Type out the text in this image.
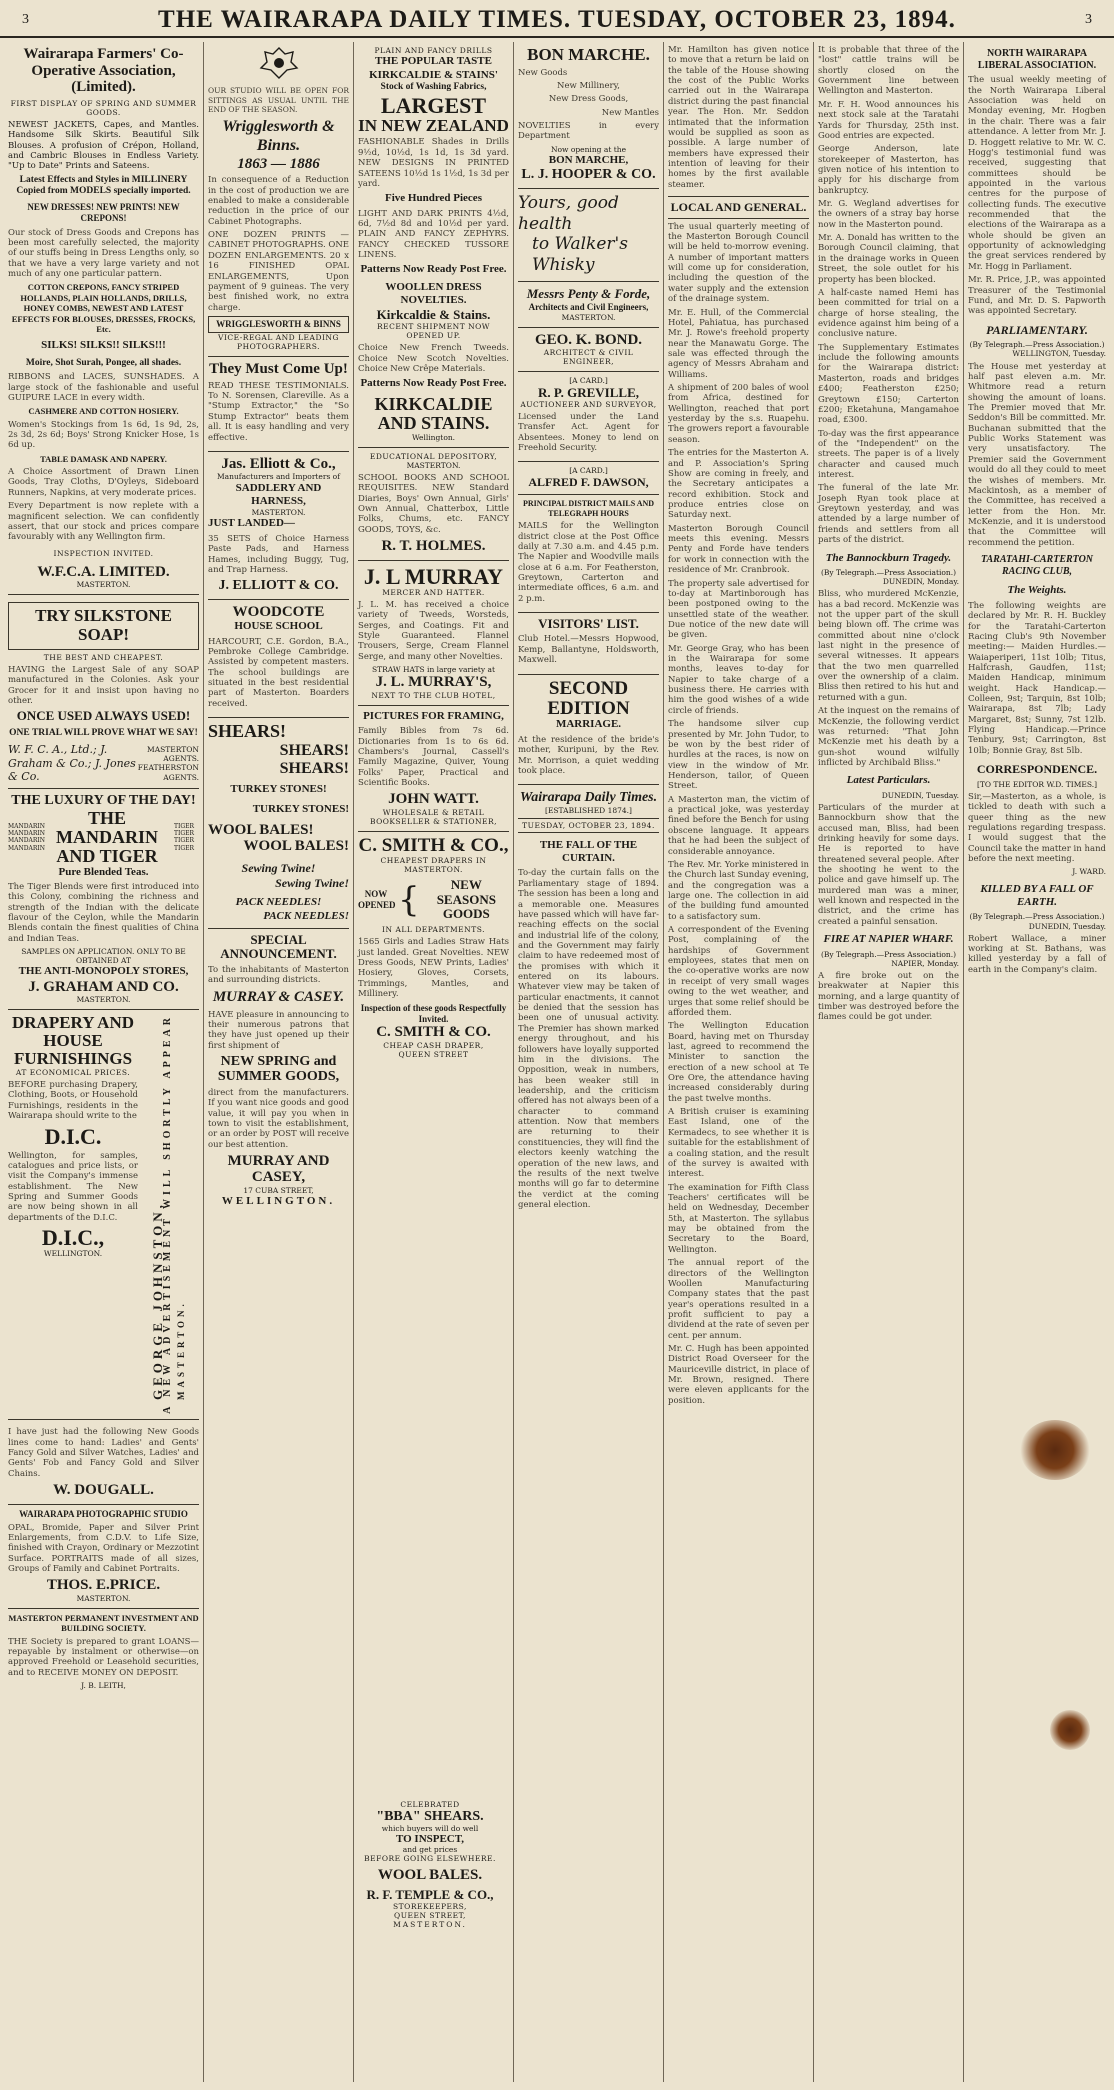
3	THE WAIRARAPA DAILY TIMES. TUESDAY, OCTOBER 23, 1894.	3
Wairarapa Farmers' Co-Operative Association, (Limited).
FIRST DISPLAY OF SPRING AND SUMMER GOODS.
NEWEST JACKETS, Capes, and Mantles. Handsome Silk Skirts. Beautiful Silk Blouses. A profusion of Crépon, Holland, and Cambric Blouses in Endless Variety. "Up to Date" Prints and Sateens.
Latest Effects and Styles in MILLINERY Copied from MODELS specially imported.
NEW DRESSES! NEW PRINTS! NEW CREPONS!
Our stock of Dress Goods and Crepons has been most carefully selected, the majority of our stuffs being in Dress Lengths only, so that we have a very large variety and not much of any one particular pattern.
COTTON CREPONS, FANCY STRIPED HOLLANDS, PLAIN HOLLANDS, DRILLS, HONEY COMBS, NEWEST AND LATEST EFFECTS FOR BLOUSES, DRESSES, FROCKS, Etc.
SILKS! SILKS!! SILKS!!!
Moire, Shot Surah, Pongee, all shades.
RIBBONS and LACES, SUNSHADES. A large stock of the fashionable and useful GUIPURE LACE in every width.
CASHMERE AND COTTON HOSIERY.
Women's Stockings from 1s 6d, 1s 9d, 2s, 2s 3d, 2s 6d; Boys' Strong Knicker Hose, 1s 6d up.
TABLE DAMASK AND NAPERY.
A Choice Assortment of Drawn Linen Goods, Tray Cloths, D'Oyleys, Sideboard Runners, Napkins, at very moderate prices.
Every Department is now replete with a magnificent selection. We can confidently assert, that our stock and prices compare favourably with any Wellington firm.
INSPECTION INVITED.
W.F.C.A. LIMITED.
MASTERTON.
TRY SILKSTONE SOAP!
THE BEST AND CHEAPEST.
HAVING the Largest Sale of any SOAP manufactured in the Colonies. Ask your Grocer for it and insist upon having no other.
ONCE USED ALWAYS USED!
ONE TRIAL WILL PROVE WHAT WE SAY!
W. F. C. A., Ltd.; J. Graham & Co.; J. Jones & Co.
MASTERTON AGENTS.
FEATHERSTON AGENTS.
THE LUXURY OF THE DAY!
MANDARIN
MANDARIN
MANDARIN
MANDARIN	THE MANDARIN AND TIGER	TIGER
TIGER
TIGER
TIGER
Pure Blended Teas.
The Tiger Blends were first introduced into this Colony, combining the richness and strength of the Indian with the delicate flavour of the Ceylon, while the Mandarin Blends contain the finest qualities of China and Indian Teas.
SAMPLES ON APPLICATION. ONLY TO BE OBTAINED AT
THE ANTI-MONOPOLY STORES,
J. GRAHAM AND CO.
MASTERTON.
DRAPERY AND HOUSE FURNISHINGS
AT ECONOMICAL PRICES.
BEFORE purchasing Drapery, Clothing, Boots, or Household Furnishings, residents in the Wairarapa should write to the
D.I.C.
Wellington, for samples, catalogues and price lists, or visit the Company's immense establishment. The New Spring and Summer Goods are now being shown in all departments of the D.I.C.
D.I.C.,
WELLINGTON.	A NEW ADVERTISEMENT WILL SHORTLY APPEAR
I have just had the following New Goods lines come to hand: Ladies' and Gents' Fancy Gold and Silver Watches, Ladies' and Gents' Fob and Fancy Gold and Silver Chains.
W. DOUGALL.
WAIRARAPA PHOTOGRAPHIC STUDIO
OPAL, Bromide, Paper and Silver Print Enlargements, from C.D.V. to Life Size, finished with Crayon, Ordinary or Mezzotint Surface. PORTRAITS made of all sizes, Groups of Family and Cabinet Portraits.
THOS. E.PRICE.
MASTERTON.
MASTERTON PERMANENT INVESTMENT AND BUILDING SOCIETY.
THE Society is prepared to grant LOANS—repayable by instalment or otherwise—on approved Freehold or Leasehold securities, and to RECEIVE MONEY ON DEPOSIT.
J. B. LEITH,
OUR STUDIO WILL BE OPEN FOR SITTINGS AS USUAL UNTIL THE END OF THE SEASON.
Wrigglesworth & Binns.
1863 — 1886
In consequence of a Reduction in the cost of production we are enabled to make a considerable reduction in the price of our Cabinet Photographs.
ONE DOZEN PRINTS — CABINET PHOTOGRAPHS. ONE DOZEN ENLARGEMENTS. 20 x 16 FINISHED OPAL ENLARGEMENTS, Upon payment of 9 guineas. The very best finished work, no extra charge.
WRIGGLESWORTH & BINNS
VICE-REGAL AND LEADING PHOTOGRAPHERS.
They Must Come Up!
READ THESE TESTIMONIALS. To N. Sorensen, Clareville. As a "Stump Extractor," the "So Stump Extractor" beats them all. It is easy handling and very effective.
Jas. Elliott & Co.,
Manufacturers and Importers of
SADDLERY AND HARNESS,
MASTERTON.
JUST LANDED—
35 SETS of Choice Harness Paste Pads, and Harness Hames, including Buggy, Tug, and Trap Harness.
J. ELLIOTT & CO.
WOODCOTE
HOUSE SCHOOL
HARCOURT, C.E. Gordon, B.A., Pembroke College Cambridge. Assisted by competent masters. The school buildings are situated in the best residential part of Masterton. Boarders received.
SHEARS!
SHEARS! SHEARS!
TURKEY STONES!
TURKEY STONES!
WOOL BALES!
WOOL BALES!
Sewing Twine!
Sewing Twine!
PACK NEEDLES!
PACK NEEDLES!
SPECIAL ANNOUNCEMENT.
To the inhabitants of Masterton and surrounding districts.
MURRAY & CASEY.
HAVE pleasure in announcing to their numerous patrons that they have just opened up their first shipment of
NEW SPRING and SUMMER GOODS,
direct from the manufacturers. If you want nice goods and good value, it will pay you when in town to visit the establishment, or an order by POST will receive our best attention.
MURRAY AND CASEY,
17 CUBA STREET,
WELLINGTON.
PLAIN AND FANCY DRILLS
THE POPULAR TASTE
KIRKCALDIE & STAINS'
Stock of Washing Fabrics,
LARGEST
IN NEW ZEALAND
FASHIONABLE Shades in Drills 9½d, 10½d, 1s 1d, 1s 3d yard. NEW DESIGNS IN PRINTED SATEENS 10½d 1s 1½d, 1s 3d per yard.
Five Hundred Pieces
LIGHT AND DARK PRINTS 4½d, 6d, 7½d 8d and 10½d per yard. PLAIN AND FANCY ZEPHYRS. FANCY CHECKED TUSSORE LINENS.
Patterns Now Ready Post Free.
WOOLLEN DRESS NOVELTIES.
Kirkcaldie & Stains.
RECENT SHIPMENT NOW OPENED UP.
Choice New French Tweeds. Choice New Scotch Novelties. Choice New Crêpe Materials.
Patterns Now Ready Post Free.
KIRKCALDIE
AND STAINS.
Wellington.
EDUCATIONAL DEPOSITORY,
MASTERTON.
SCHOOL BOOKS AND SCHOOL REQUISITES. NEW Standard Diaries, Boys' Own Annual, Girls' Own Annual, Chatterbox, Little Folks, Chums, etc. FANCY GOODS, TOYS, &c.
R. T. HOLMES.
J. L MURRAY
MERCER AND HATTER.
J. L. M. has received a choice variety of Tweeds, Worsteds, Serges, and Coatings. Fit and Style Guaranteed. Flannel Trousers, Serge, Cream Flannel Serge, and many other Novelties.
STRAW HATS in large variety at
J. L. MURRAY'S,
NEXT TO THE CLUB HOTEL,
PICTURES FOR FRAMING,
Family Bibles from 7s 6d. Dictionaries from 1s to 6s 6d. Chambers's Journal, Cassell's Family Magazine, Quiver, Young Folks' Paper, Practical and Scientific Books.
JOHN WATT.
WHOLESALE & RETAIL BOOKSELLER & STATIONER,
C. SMITH & CO.,
CHEAPEST DRAPERS IN MASTERTON.
NOW OPENED {	NEW SEASONS GOODS
IN ALL DEPARTMENTS.
1565 Girls and Ladies Straw Hats just landed. Great Novelties. NEW Dress Goods, NEW Prints, Ladies' Hosiery, Gloves, Corsets, Trimmings, Mantles, and Millinery.
Inspection of these goods Respectfully Invited.
C. SMITH & CO.
CHEAP CASH DRAPER,
QUEEN STREET
BON MARCHE.
New Goods
New Millinery,
New Dress Goods,
New Mantles
NOVELTIES in every Department
Now opening at the
BON MARCHE,
L. J. HOOPER & CO.
Yours, good health
to Walker's Whisky
Messrs Penty & Forde,
Architects and Civil Engineers,
MASTERTON.
GEO. K. BOND.
ARCHITECT & CIVIL ENGINEER,
[A CARD.]
R. P. GREVILLE,
AUCTIONEER AND SURVEYOR,
Licensed under the Land Transfer Act. Agent for Absentees. Money to lend on Freehold Security.
[A CARD.]
ALFRED F. DAWSON,
PRINCIPAL DISTRICT MAILS AND TELEGRAPH HOURS
MAILS for the Wellington district close at the Post Office daily at 7.30 a.m. and 4.45 p.m. The Napier and Woodville mails close at 6 a.m. For Featherston, Greytown, Carterton and intermediate offices, 6 a.m. and 2 p.m.
VISITORS' LIST.
Club Hotel.—Messrs Hopwood, Kemp, Ballantyne, Holdsworth, Maxwell.
SECOND EDITION
MARRIAGE.
At the residence of the bride's mother, Kuripuni, by the Rev. Mr. Morrison, a quiet wedding took place.
Wairarapa Daily Times.
[ESTABLISHED 1874.]
TUESDAY, OCTOBER 23, 1894.
THE FALL OF THE CURTAIN.
To-day the curtain falls on the Parliamentary stage of 1894. The session has been a long and a memorable one. Measures have passed which will have far-reaching effects on the social and industrial life of the colony, and the Government may fairly claim to have redeemed most of the promises with which it entered on its labours. Whatever view may be taken of particular enactments, it cannot be denied that the session has been one of unusual activity. The Premier has shown marked energy throughout, and his followers have loyally supported him in the divisions. The Opposition, weak in numbers, has been weaker still in leadership, and the criticism offered has not always been of a character to command attention. Now that members are returning to their constituencies, they will find the electors keenly watching the operation of the new laws, and the results of the next twelve months will go far to determine the verdict at the coming general election.
Mr. Hamilton has given notice to move that a return be laid on the table of the House showing the cost of the Public Works carried out in the Wairarapa district during the past financial year. The Hon. Mr. Seddon intimated that the information would be supplied as soon as possible. A large number of members have expressed their intention of leaving for their homes by the first available steamer.
LOCAL AND GENERAL.
The usual quarterly meeting of the Masterton Borough Council will be held to-morrow evening. A number of important matters will come up for consideration, including the question of the water supply and the extension of the drainage system.
Mr. E. Hull, of the Commercial Hotel, Pahiatua, has purchased Mr. J. Rowe's freehold property near the Manawatu Gorge. The sale was effected through the agency of Messrs Abraham and Williams.
A shipment of 200 bales of wool from Africa, destined for Wellington, reached that port yesterday by the s.s. Ruapehu. The growers report a favourable season.
The entries for the Masterton A. and P. Association's Spring Show are coming in freely, and the Secretary anticipates a record exhibition. Stock and produce entries close on Saturday next.
Masterton Borough Council meets this evening. Messrs Penty and Forde have tenders for work in connection with the residence of Mr. Cranbrook.
The property sale advertised for to-day at Martinborough has been postponed owing to the unsettled state of the weather. Due notice of the new date will be given.
Mr. George Gray, who has been in the Wairarapa for some months, leaves to-day for Napier to take charge of a business there. He carries with him the good wishes of a wide circle of friends.
The handsome silver cup presented by Mr. John Tudor, to be won by the best rider of hurdles at the races, is now on view in the window of Mr. Henderson, tailor, of Queen Street.
A Masterton man, the victim of a practical joke, was yesterday fined before the Bench for using obscene language. It appears that he had been the subject of considerable annoyance.
The Rev. Mr. Yorke ministered in the Church last Sunday evening, and the congregation was a large one. The collection in aid of the building fund amounted to a satisfactory sum.
A correspondent of the Evening Post, complaining of the hardships of Government employees, states that men on the co-operative works are now in receipt of very small wages owing to the wet weather, and urges that some relief should be afforded them.
The Wellington Education Board, having met on Thursday last, agreed to recommend the Minister to sanction the erection of a new school at Te Ore Ore, the attendance having increased considerably during the past twelve months.
A British cruiser is examining East Island, one of the Kermadecs, to see whether it is suitable for the establishment of a coaling station, and the result of the survey is awaited with interest.
The examination for Fifth Class Teachers' certificates will be held on Wednesday, December 5th, at Masterton. The syllabus may be obtained from the Secretary to the Board, Wellington.
The annual report of the directors of the Wellington Woollen Manufacturing Company states that the past year's operations resulted in a profit sufficient to pay a dividend at the rate of seven per cent. per annum.
Mr. C. Hugh has been appointed District Road Overseer for the Mauriceville district, in place of Mr. Brown, resigned. There were eleven applicants for the position.
It is probable that three of the "lost" cattle trains will be shortly closed on the Government line between Wellington and Masterton.
Mr. F. H. Wood announces his next stock sale at the Taratahi Yards for Thursday, 25th inst. Good entries are expected.
George Anderson, late storekeeper of Masterton, has given notice of his intention to apply for his discharge from bankruptcy.
Mr. G. Wegland advertises for the owners of a stray bay horse now in the Masterton pound.
Mr. A. Donald has written to the Borough Council claiming, that in the drainage works in Queen Street, the sole outlet for his property has been blocked.
A half-caste named Hemi has been committed for trial on a charge of horse stealing, the evidence against him being of a conclusive nature.
The Supplementary Estimates include the following amounts for the Wairarapa district: Masterton, roads and bridges £400; Featherston £250; Greytown £150; Carterton £200; Eketahuna, Mangamahoe road, £300.
To-day was the first appearance of the "Independent" on the streets. The paper is of a lively character and caused much interest.
The funeral of the late Mr. Joseph Ryan took place at Greytown yesterday, and was attended by a large number of friends and settlers from all parts of the district.
The Bannockburn Tragedy.
(By Telegraph.—Press Association.)
DUNEDIN, Monday.
Bliss, who murdered McKenzie, has a bad record. McKenzie was not the upper part of the skull being blown off. The crime was committed about nine o'clock last night in the presence of several witnesses. It appears that the two men quarrelled over the ownership of a claim. Bliss then retired to his hut and returned with a gun.
At the inquest on the remains of McKenzie, the following verdict was returned: "That John McKenzie met his death by a gun-shot wound wilfully inflicted by Archibald Bliss."
Latest Particulars.
DUNEDIN, Tuesday.
Particulars of the murder at Bannockburn show that the accused man, Bliss, had been drinking heavily for some days. He is reported to have threatened several people. After the shooting he went to the police and gave himself up. The murdered man was a miner, well known and respected in the district, and the crime has created a painful sensation.
FIRE AT NAPIER WHARF.
(By Telegraph.—Press Association.)
NAPIER, Monday.
A fire broke out on the breakwater at Napier this morning, and a large quantity of timber was destroyed before the flames could be got under.
NORTH WAIRARAPA LIBERAL ASSOCIATION.
The usual weekly meeting of the North Wairarapa Liberal Association was held on Monday evening, Mr. Hogben in the chair. There was a fair attendance. A letter from Mr. J. D. Hoggett relative to Mr. W. C. Hogg's testimonial fund was received, suggesting that committees should be appointed in the various centres for the purpose of collecting funds. The executive recommended that the elections of the Wairarapa as a whole should be given an opportunity of acknowledging the great services rendered by Mr. Hogg in Parliament.
Mr. R. Price, J.P., was appointed Treasurer of the Testimonial Fund, and Mr. D. S. Papworth was appointed Secretary.
PARLIAMENTARY.
(By Telegraph.—Press Association.)
WELLINGTON, Tuesday.
The House met yesterday at half past eleven a.m. Mr. Whitmore read a return showing the amount of loans. The Premier moved that Mr. Seddon's Bill be committed. Mr. Buchanan submitted that the Public Works Statement was very unsatisfactory. The Premier said the Government would do all they could to meet the wishes of members. Mr. Mackintosh, as a member of the Committee, has received a letter from the Hon. Mr. McKenzie, and it is understood that the Committee will recommend the petition.
TARATAHI-CARTERTON RACING CLUB,
The Weights.
The following weights are declared by Mr. R. H. Buckley for the Taratahi-Carterton Racing Club's 9th November meeting:— Maiden Hurdles.—Waiaperiperi, 11st 10lb; Titus, Halfcrash, Gaudfen, 11st; Maiden Handicap, minimum weight. Hack Handicap.—Colleen, 9st; Tarquin, 8st 10lb; Wairarapa, 8st 7lb; Lady Margaret, 8st; Sunny, 7st 12lb. Flying Handicap.—Prince Tenbury, 9st; Carrington, 8st 10lb; Bonnie Gray, 8st 5lb.
CORRESPONDENCE.
[TO THE EDITOR W.D. TIMES.]
Sir,—Masterton, as a whole, is tickled to death with such a queer thing as the new regulations regarding trespass. I would suggest that the Council take the matter in hand before the next meeting.
J. WARD.
KILLED BY A FALL OF EARTH.
(By Telegraph.—Press Association.)
DUNEDIN, Tuesday.
Robert Wallace, a miner working at St. Bathans, was killed yesterday by a fall of earth in the Company's claim.
CELEBRATED
"BBA" SHEARS.
which buyers will do well
TO INSPECT,
and get prices
BEFORE GOING ELSEWHERE.
WOOL BALES.
R. F. TEMPLE & CO.,
STOREKEEPERS,
QUEEN STREET,
MASTERTON.
GEORGE JOHNSTON, MASTERTON.
